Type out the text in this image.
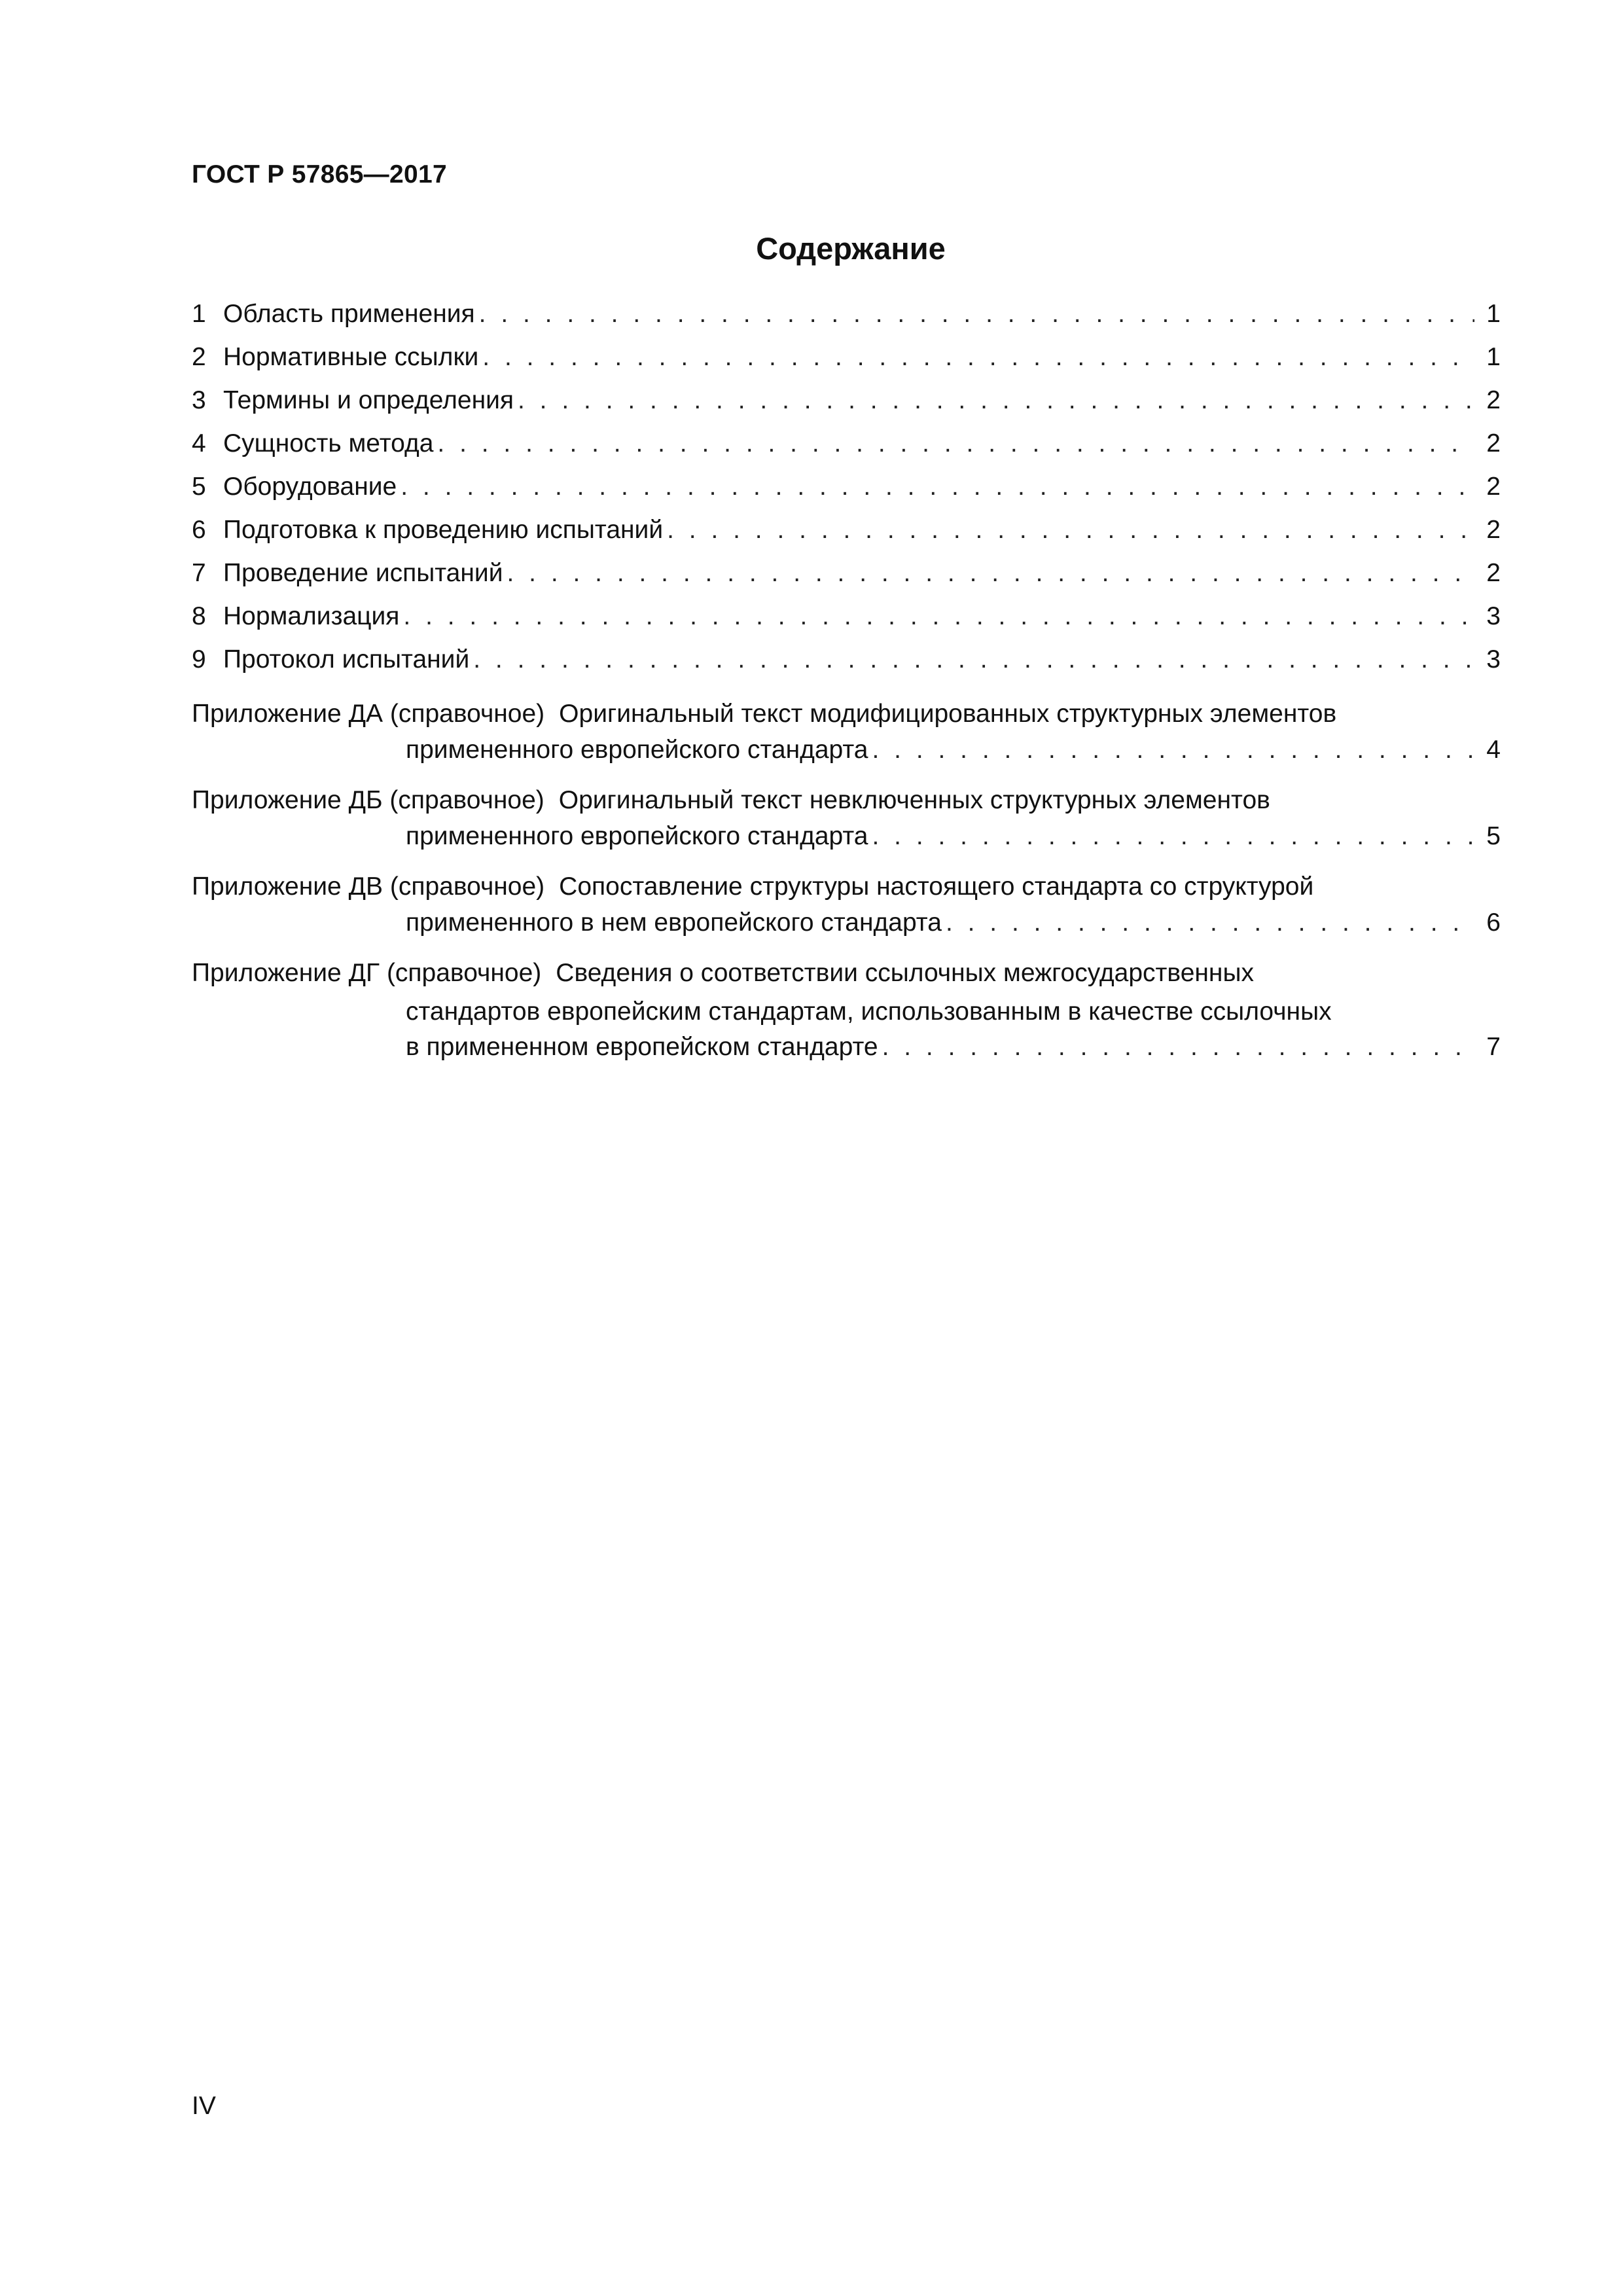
ГОСТ Р 57865—2017
Содержание
1 Область применения . . .	1
2 Нормативные ссылки . . .	1
3 Термины и определения . . .	2
4 Сущность метода . . .	2
5 Оборудование . . .	2
6 Подготовка к проведению испытаний . . .	2
7 Проведение испытаний . . .	2
8 Нормализация . . .	3
9 Протокол испытаний . . .	3
Приложение ДА (справочное) Оригинальный текст модифицированных структурных элементов
примененного европейского стандарта . . .	4
Приложение ДБ (справочное) Оригинальный текст невключенных структурных элементов
примененного европейского стандарта . . .	5
Приложение ДВ (справочное) Сопоставление структуры настоящего стандарта со структурой
примененного в нем европейского стандарта . . .	6
Приложение ДГ (справочное) Сведения о соответствии ссылочных межгосударственных
стандартов европейским стандартам, использованным в качестве ссылочных
в примененном европейском стандарте . . .	7
IV
